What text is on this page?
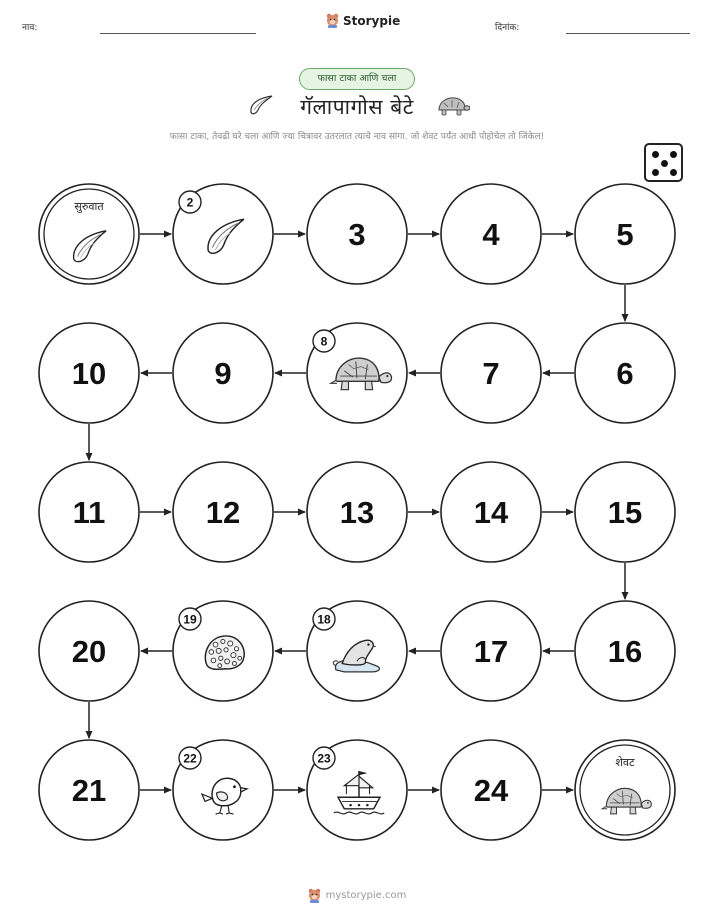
नाव:
Storypie
दिनांक:
फासा टाका आणि चला
गॅलापागोस बेटे
फासा टाका, तेवढी घरे चला आणि ज्या चित्रावर उतरलात त्याचे नाव सांगा. जो शेवट पर्यंत आधी पोहोचेल तो जिंकेल!
सुरुवात	2
3	4	5
6
7
8
9
10
11	12	13	14	15
16
17
18
19
20
21
22	23
24
शेवट
mystorypie.com
